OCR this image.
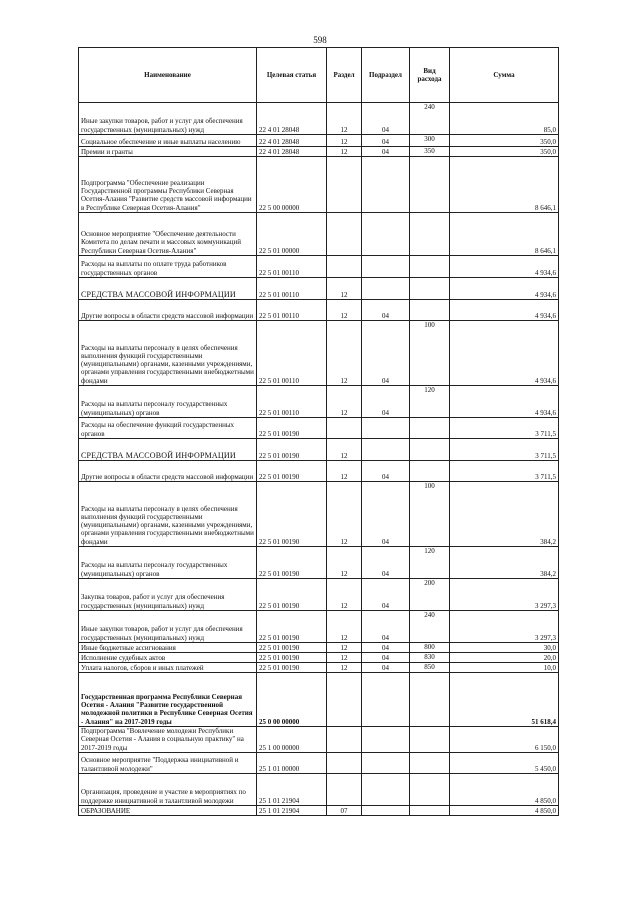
598
Наименование	Целевая статья	Раздел	Подраздел	Вид расхода	Сумма
Иные закупки товаров, работ и услуг для обеспечения государственных (муниципальных) нужд	22 4 01 28048	12	04	240	85,0
Социальное обеспечение и иные выплаты населению	22 4 01 28048	12	04	300	350,0
Премии и гранты	22 4 01 28048	12	04	350	350,0
Подпрограмма "Обеспечение реализации Государственной программы Республики Северная Осетия-Алания "Развитие средств массовой информации в Республике Северная Осетия-Алания"	22 5 00 00000				8 646,1
Основное мероприятие "Обеспечение деятельности Комитета по делам печати и массовых коммуникаций Республики Северная Осетия-Алания"	22 5 01 00000				8 646,1
Расходы на выплаты по оплате труда работников государственных органов	22 5 01 00110				4 934,6
СРЕДСТВА МАССОВОЙ ИНФОРМАЦИИ	22 5 01 00110	12			4 934,6
Другие вопросы в области средств массовой информации	22 5 01 00110	12	04		4 934,6
Расходы на выплаты персоналу в целях обеспечения выполнения функций государственными (муниципальными) органами, казенными учреждениями, органами управления государственными внебюджетными фондами	22 5 01 00110	12	04	100	4 934,6
Расходы на выплаты персоналу государственных (муниципальных) органов	22 5 01 00110	12	04	120	4 934,6
Расходы на обеспечение функций государственных органов	22 5 01 00190				3 711,5
СРЕДСТВА МАССОВОЙ ИНФОРМАЦИИ	22 5 01 00190	12			3 711,5
Другие вопросы в области средств массовой информации	22 5 01 00190	12	04		3 711,5
Расходы на выплаты персоналу в целях обеспечения выполнения функций государственными (муниципальными) органами, казенными учреждениями, органами управления государственными внебюджетными фондами	22 5 01 00190	12	04	100	384,2
Расходы на выплаты персоналу государственных (муниципальных) органов	22 5 01 00190	12	04	120	384,2
Закупка товаров, работ и услуг для обеспечения государственных (муниципальных) нужд	22 5 01 00190	12	04	200	3 297,3
Иные закупки товаров, работ и услуг для обеспечения государственных (муниципальных) нужд	22 5 01 00190	12	04	240	3 297,3
Иные бюджетные ассигнования	22 5 01 00190	12	04	800	30,0
Исполнение судебных актов	22 5 01 00190	12	04	830	20,0
Уплата налогов, сборов и иных платежей	22 5 01 00190	12	04	850	10,0
Государственная программа Республики Северная Осетия - Алания "Развитие государственной молодежной политики в Республике Северная Осетия - Алания" на 2017-2019 годы	25 0 00 00000				51 618,4
Подпрограмма "Вовлечение молодежи Республики Северная Осетия - Алания в социальную практику" на 2017-2019 годы	25 1 00 00000				6 150,0
Основное мероприятие "Поддержка инициативной и талантливой молодежи"	25 1 01 00000				5 450,0
Организация, проведение и участие в мероприятиях по поддержке инициативной и талантливой молодежи	25 1 01 21904				4 850,0
ОБРАЗОВАНИЕ	25 1 01 21904	07			4 850,0
